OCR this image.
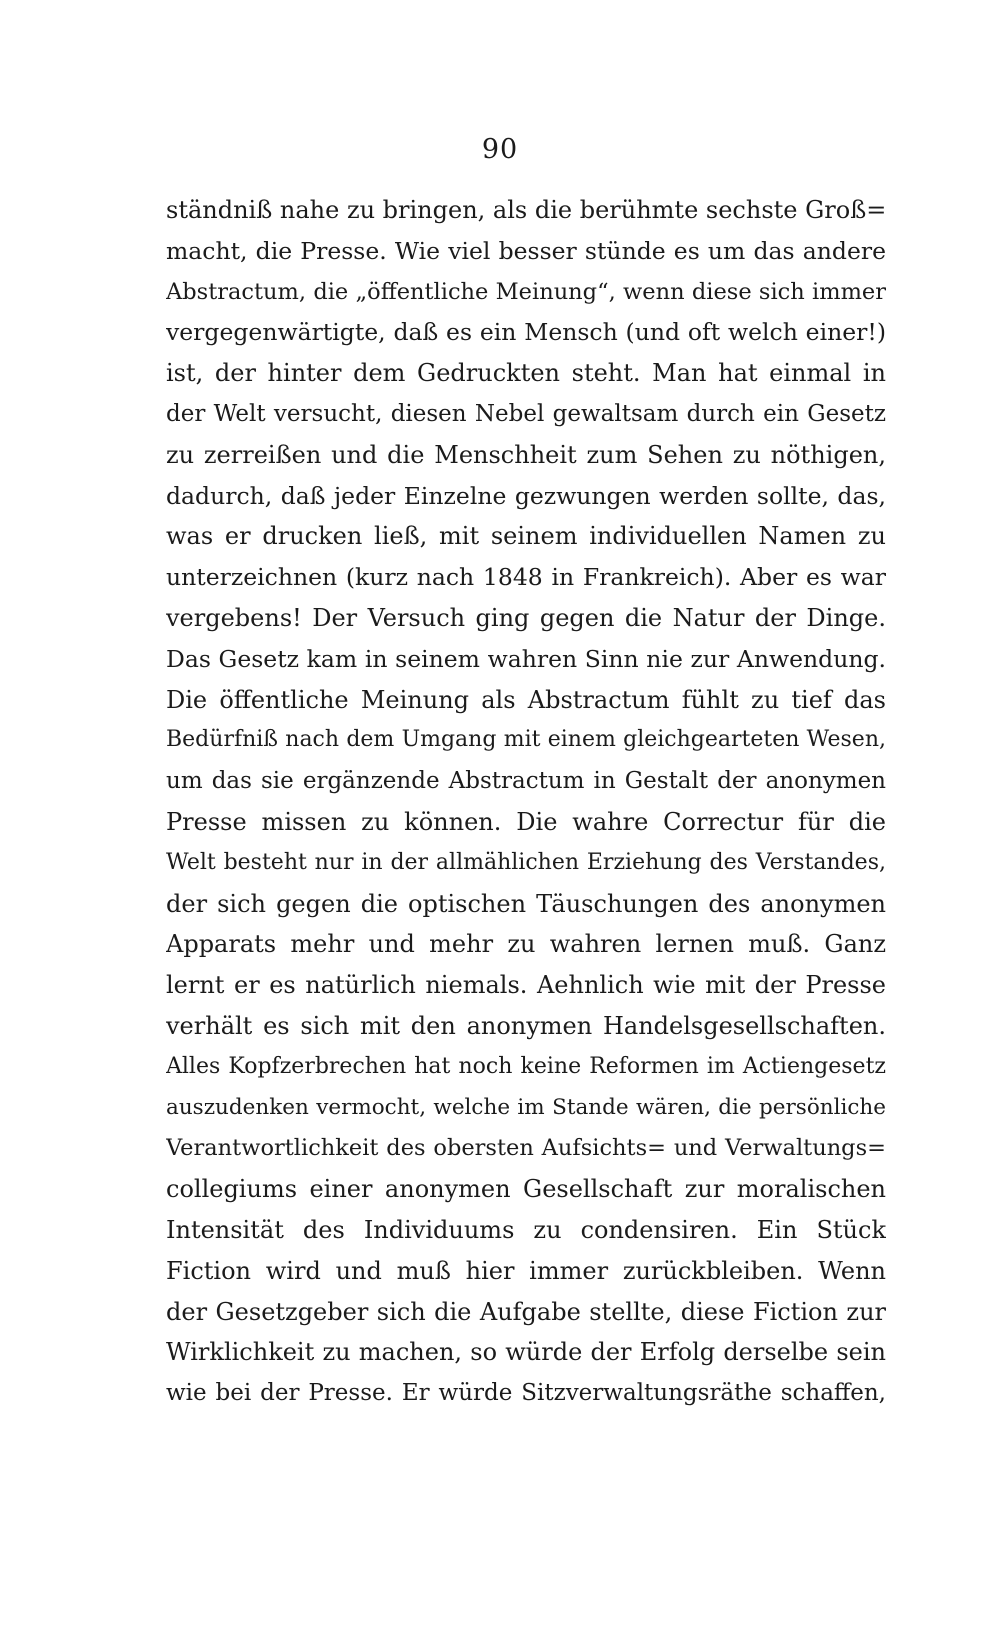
90
ständniß nahe zu bringen, als die berühmte sechste Groß=
macht, die Presse. Wie viel besser stünde es um das andere
Abstractum, die „öffentliche Meinung“, wenn diese sich immer
vergegenwärtigte, daß es ein Mensch (und oft welch einer!)
ist, der hinter dem Gedruckten steht. Man hat einmal in
der Welt versucht, diesen Nebel gewaltsam durch ein Gesetz
zu zerreißen und die Menschheit zum Sehen zu nöthigen,
dadurch, daß jeder Einzelne gezwungen werden sollte, das,
was er drucken ließ, mit seinem individuellen Namen zu
unterzeichnen (kurz nach 1848 in Frankreich). Aber es war
vergebens! Der Versuch ging gegen die Natur der Dinge.
Das Gesetz kam in seinem wahren Sinn nie zur Anwendung.
Die öffentliche Meinung als Abstractum fühlt zu tief das
Bedürfniß nach dem Umgang mit einem gleichgearteten Wesen,
um das sie ergänzende Abstractum in Gestalt der anonymen
Presse missen zu können. Die wahre Correctur für die
Welt besteht nur in der allmählichen Erziehung des Verstandes,
der sich gegen die optischen Täuschungen des anonymen
Apparats mehr und mehr zu wahren lernen muß. Ganz
lernt er es natürlich niemals. Aehnlich wie mit der Presse
verhält es sich mit den anonymen Handelsgesellschaften.
Alles Kopfzerbrechen hat noch keine Reformen im Actiengesetz
auszudenken vermocht, welche im Stande wären, die persönliche
Verantwortlichkeit des obersten Aufsichts= und Verwaltungs=
collegiums einer anonymen Gesellschaft zur moralischen
Intensität des Individuums zu condensiren. Ein Stück
Fiction wird und muß hier immer zurückbleiben. Wenn
der Gesetzgeber sich die Aufgabe stellte, diese Fiction zur
Wirklichkeit zu machen, so würde der Erfolg derselbe sein
wie bei der Presse. Er würde Sitzverwaltungsräthe schaffen,
